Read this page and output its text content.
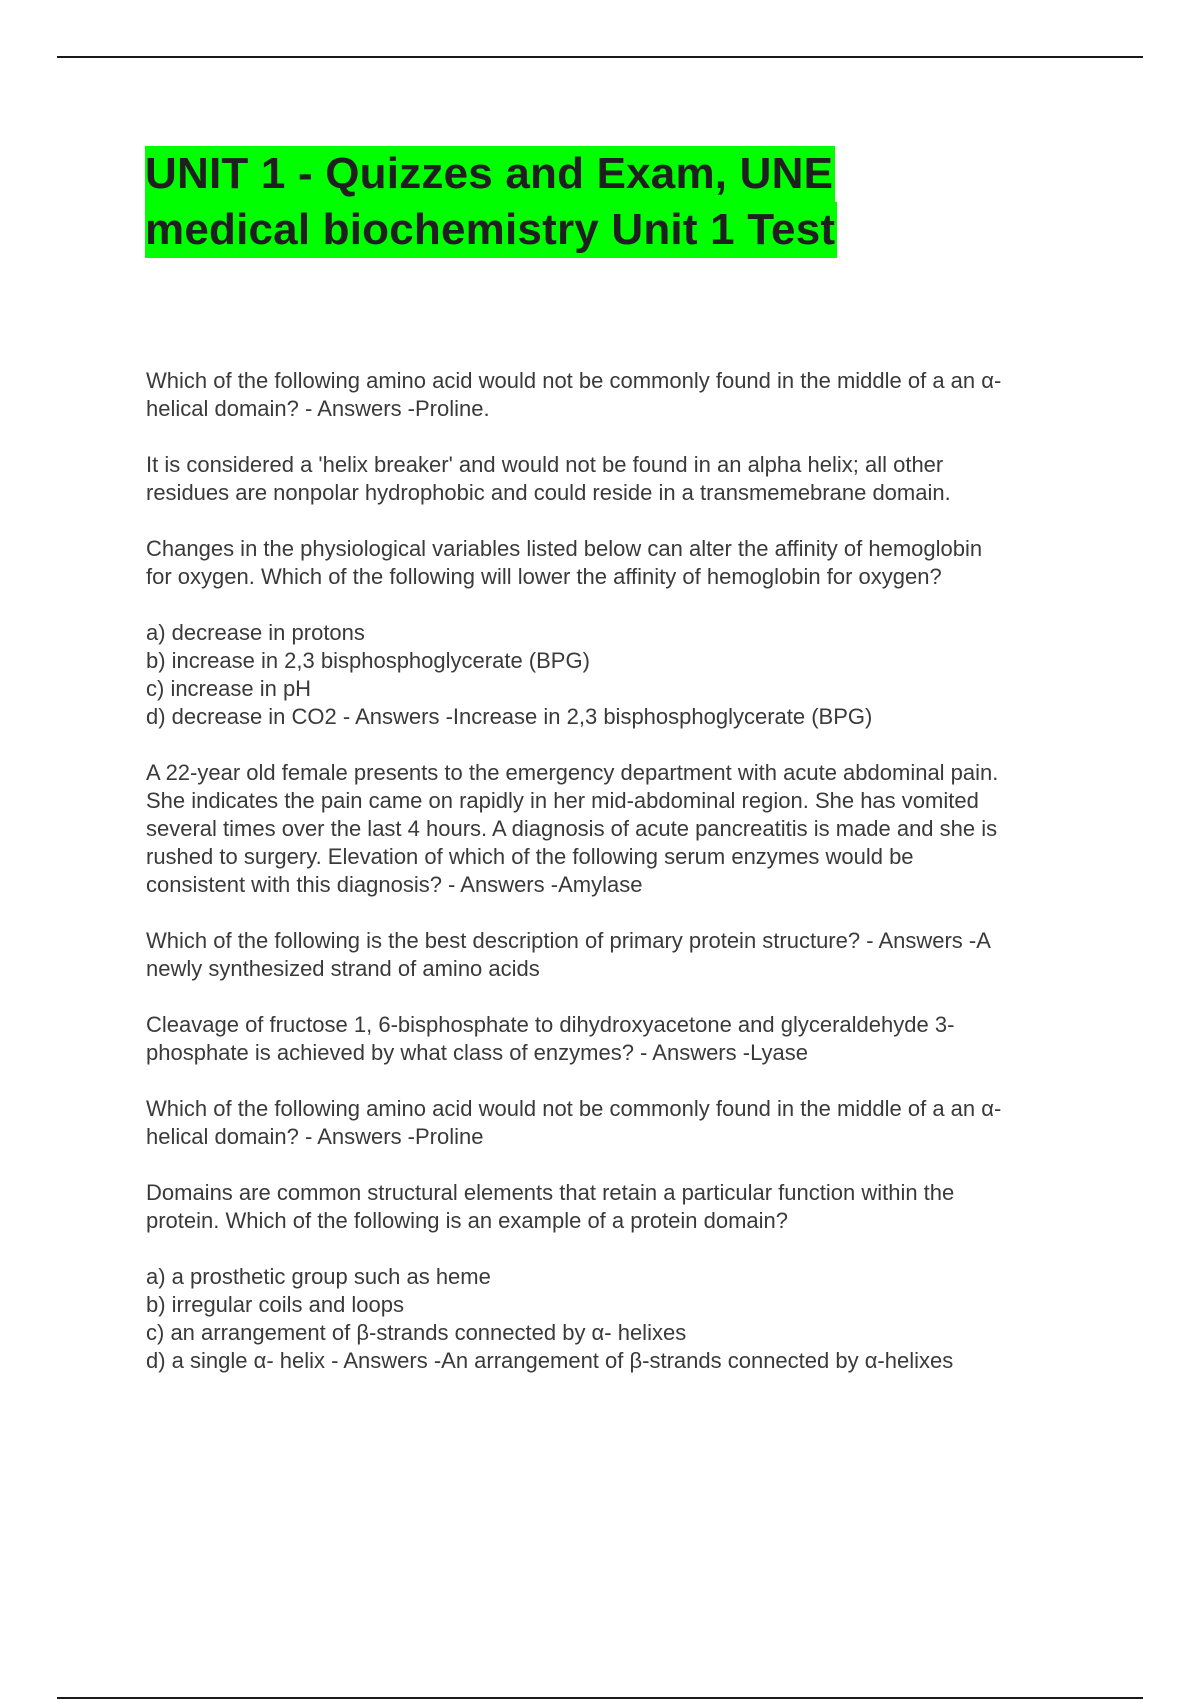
UNIT 1 - Quizzes and Exam, UNE
medical biochemistry Unit 1 Test
Which of the following amino acid would not be commonly found in the middle of a an α-
helical domain? - Answers -Proline.
It is considered a 'helix breaker' and would not be found in an alpha helix; all other
residues are nonpolar hydrophobic and could reside in a transmemebrane domain.
Changes in the physiological variables listed below can alter the affinity of hemoglobin
for oxygen. Which of the following will lower the affinity of hemoglobin for oxygen?
a) decrease in protons
b) increase in 2,3 bisphosphoglycerate (BPG)
c) increase in pH
d) decrease in CO2 - Answers -Increase in 2,3 bisphosphoglycerate (BPG)
A 22-year old female presents to the emergency department with acute abdominal pain.
She indicates the pain came on rapidly in her mid-abdominal region. She has vomited
several times over the last 4 hours. A diagnosis of acute pancreatitis is made and she is
rushed to surgery. Elevation of which of the following serum enzymes would be
consistent with this diagnosis? - Answers -Amylase
Which of the following is the best description of primary protein structure? - Answers -A
newly synthesized strand of amino acids
Cleavage of fructose 1, 6-bisphosphate to dihydroxyacetone and glyceraldehyde 3-
phosphate is achieved by what class of enzymes? - Answers -Lyase
Which of the following amino acid would not be commonly found in the middle of a an α-
helical domain? - Answers -Proline
Domains are common structural elements that retain a particular function within the
protein. Which of the following is an example of a protein domain?
a) a prosthetic group such as heme
b) irregular coils and loops
c) an arrangement of β-strands connected by α- helixes
d) a single α- helix - Answers -An arrangement of β-strands connected by α-helixes
